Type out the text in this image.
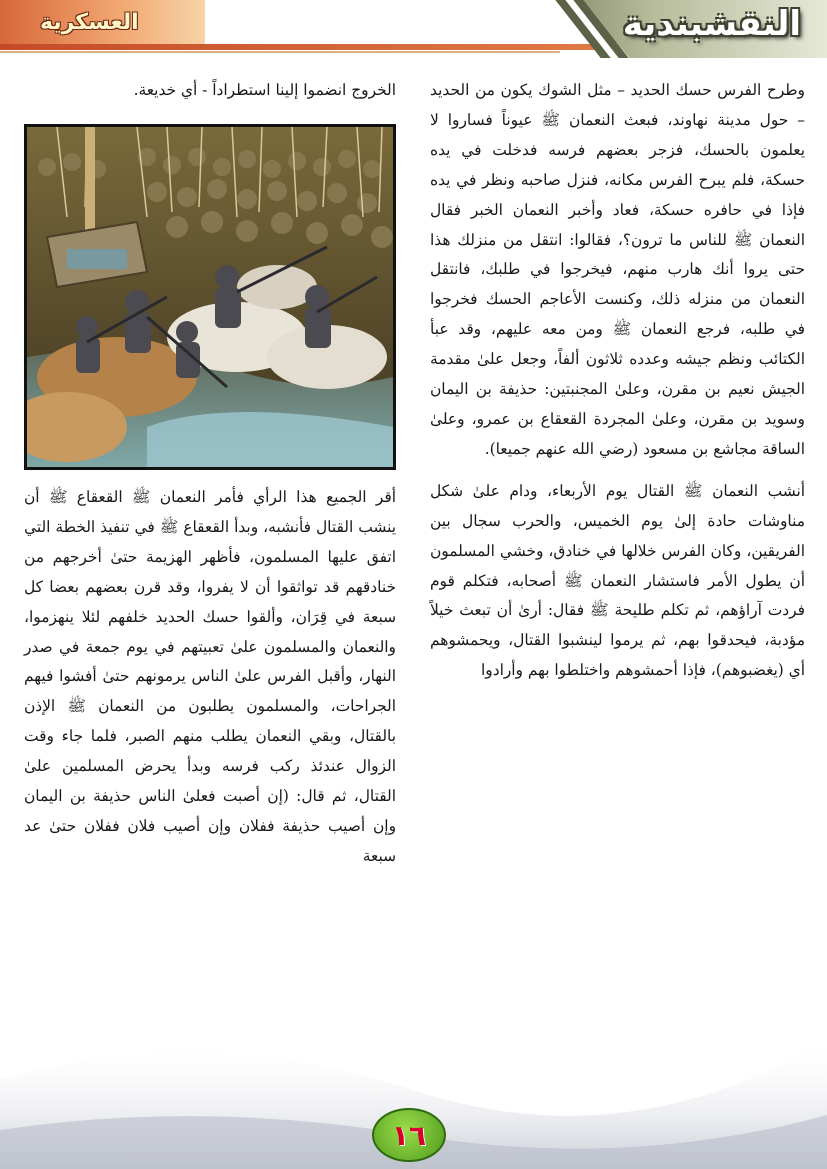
العسكرية	النقشبندية

وطرح الفرس حسك الحديد – مثل الشوك يكون من الحديد – حول مدينة نهاوند، فبعث النعمان ﷺ عيوناً فساروا لا يعلمون بالحسك، فزجر بعضهم فرسه فدخلت في يده حسكة، فلم يبرح الفرس مكانه، فنزل صاحبه ونظر في يده فإذا في حافره حسكة، فعاد وأخبر النعمان الخبر فقال النعمان ﷺ للناس ما ترون؟، فقالوا: انتقل من منزلك هذا حتى يروا أنك هارب منهم، فيخرجوا في طلبك، فانتقل النعمان من منزله ذلك، وكنست الأعاجم الحسك فخرجوا في طلبه، فرجع النعمان ﷺ ومن معه عليهم، وقد عبأ الكتائب ونظم جيشه وعدده ثلاثون ألفاً، وجعل علىٰ مقدمة الجيش نعيم بن مقرن، وعلىٰ المجنبتين: حذيفة بن اليمان وسويد بن مقرن، وعلىٰ المجردة القعقاع بن عمرو، وعلىٰ الساقة مجاشع بن مسعود (رضي الله عنهم جميعا).

أنشب النعمان ﷺ القتال يوم الأربعاء، ودام علىٰ شكل مناوشات حادة إلىٰ يوم الخميس، والحرب سجال بين الفريقين، وكان الفرس خلالها في خنادق، وخشي المسلمون أن يطول الأمر فاستشار النعمان ﷺ أصحابه، فتكلم قوم فردت آراؤهم، ثم تكلم طليحة ﷺ فقال: أرىٰ أن تبعث خيلاً مؤدبة، فيحدقوا بهم، ثم يرموا لينشبوا القتال، ويحمشوهم أي (يغضبوهم)، فإذا أحمشوهم واختلطوا بهم وأرادوا

الخروج انضموا إلينا استطراداً - أي خديعة.

أقر الجميع هذا الرأي فأمر النعمان ﷺ القعقاع ﷺ أن ينشب القتال فأنشبه، وبدأ القعقاع ﷺ في تنفيذ الخطة التي اتفق عليها المسلمون، فأظهر الهزيمة حتىٰ أخرجهم من خنادقهم قد تواثقوا أن لا يفروا، وقد قرن بعضهم بعضا كل سبعة في قِرَان، وألقوا حسك الحديد خلفهم لئلا ينهزموا، والنعمان والمسلمون علىٰ تعبيتهم في يوم جمعة في صدر النهار، وأقبل الفرس علىٰ الناس يرمونهم حتىٰ أفشوا فيهم الجراحات، والمسلمون يطلبون من النعمان ﷺ الإذن بالقتال، وبقي النعمان يطلب منهم الصبر، فلما جاء وقت الزوال عندئذ ركب فرسه وبدأ يحرض المسلمين علىٰ القتال، ثم قال: (إن أصبت فعلىٰ الناس حذيفة بن اليمان وإن أصيب حذيفة ففلان وإن أصيب فلان ففلان حتىٰ عد سبعة

١٦
